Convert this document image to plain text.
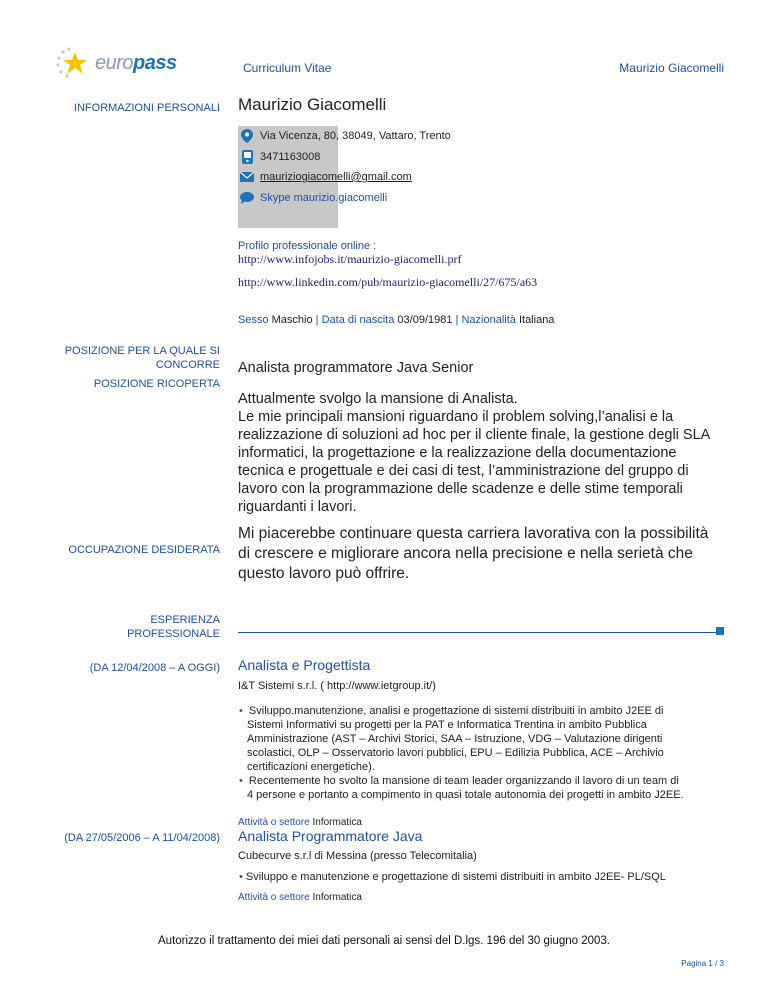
europass	Curriculum Vitae	Maurizio Giacomelli
INFORMAZIONI PERSONALI Maurizio Giacomelli
Via Vicenza, 80, 38049, Vattaro, Trento
3471163008
mauriziogiacomelli@gmail.com
Skype maurizio.giacomelli
Profilo professionale online :
http://www.infojobs.it/maurizio-giacomelli.prf
http://www.linkedin.com/pub/maurizio-giacomelli/27/675/a63
Sesso Maschio | Data di nascita 03/09/1981 | Nazionalità Italiana
POSIZIONE PER LA QUALE SI
CONCORRE Analista programmatore Java Senior
POSIZIONE RICOPERTA
Attualmente svolgo la mansione di Analista.
Le mie principali mansioni riguardano il problem solving,l’analisi e la
realizzazione di soluzioni ad hoc per il cliente finale, la gestione degli SLA
informatici, la progettazione e la realizzazione della documentazione
tecnica e progettuale e dei casi di test, l’amministrazione del gruppo di
lavoro con la programmazione delle scadenze e delle stime temporali
riguardanti i lavori.
OCCUPAZIONE DESIDERATA
Mi piacerebbe continuare questa carriera lavorativa con la possibilità
di crescere e migliorare ancora nella precisione e nella serietà che
questo lavoro può offrire.
ESPERIENZA
PROFESSIONALE
(DA 12/04/2008 – A OGGI) Analista e Progettista
I&T Sistemi s.r.l. ( http://www.ietgroup.it/)
• Sviluppo.manutenzione, analisi e progettazione di sistemi distribuiti in ambito J2EE di
Sistemi Informativi su progetti per la PAT e Informatica Trentina in ambito Pubblica
Amministrazione (AST – Archivi Storici, SAA – Istruzione, VDG – Valutazione dirigenti
scolastici, OLP – Osservatorio lavori pubblici, EPU – Edilizia Pubblica, ACE – Archivio
certificazioni energetiche).
• Recentemente ho svolto la mansione di team leader organizzando il lavoro di un team di
4 persone e portanto a compimento in quasi totale autonomia dei progetti in ambito J2EE.
Attività o settore Informatica
(DA 27/05/2006 – A 11/04/2008) Analista Programmatore Java
Cubecurve s.r.l di Messina (presso Telecomitalia)
• Sviluppo e manutenzione e progettazione di sistemi distribuiti in ambito J2EE- PL/SQL
Attività o settore Informatica
Autorizzo il trattamento dei miei dati personali ai sensi del D.lgs. 196 del 30 giugno 2003.
Pagina 1 / 3
